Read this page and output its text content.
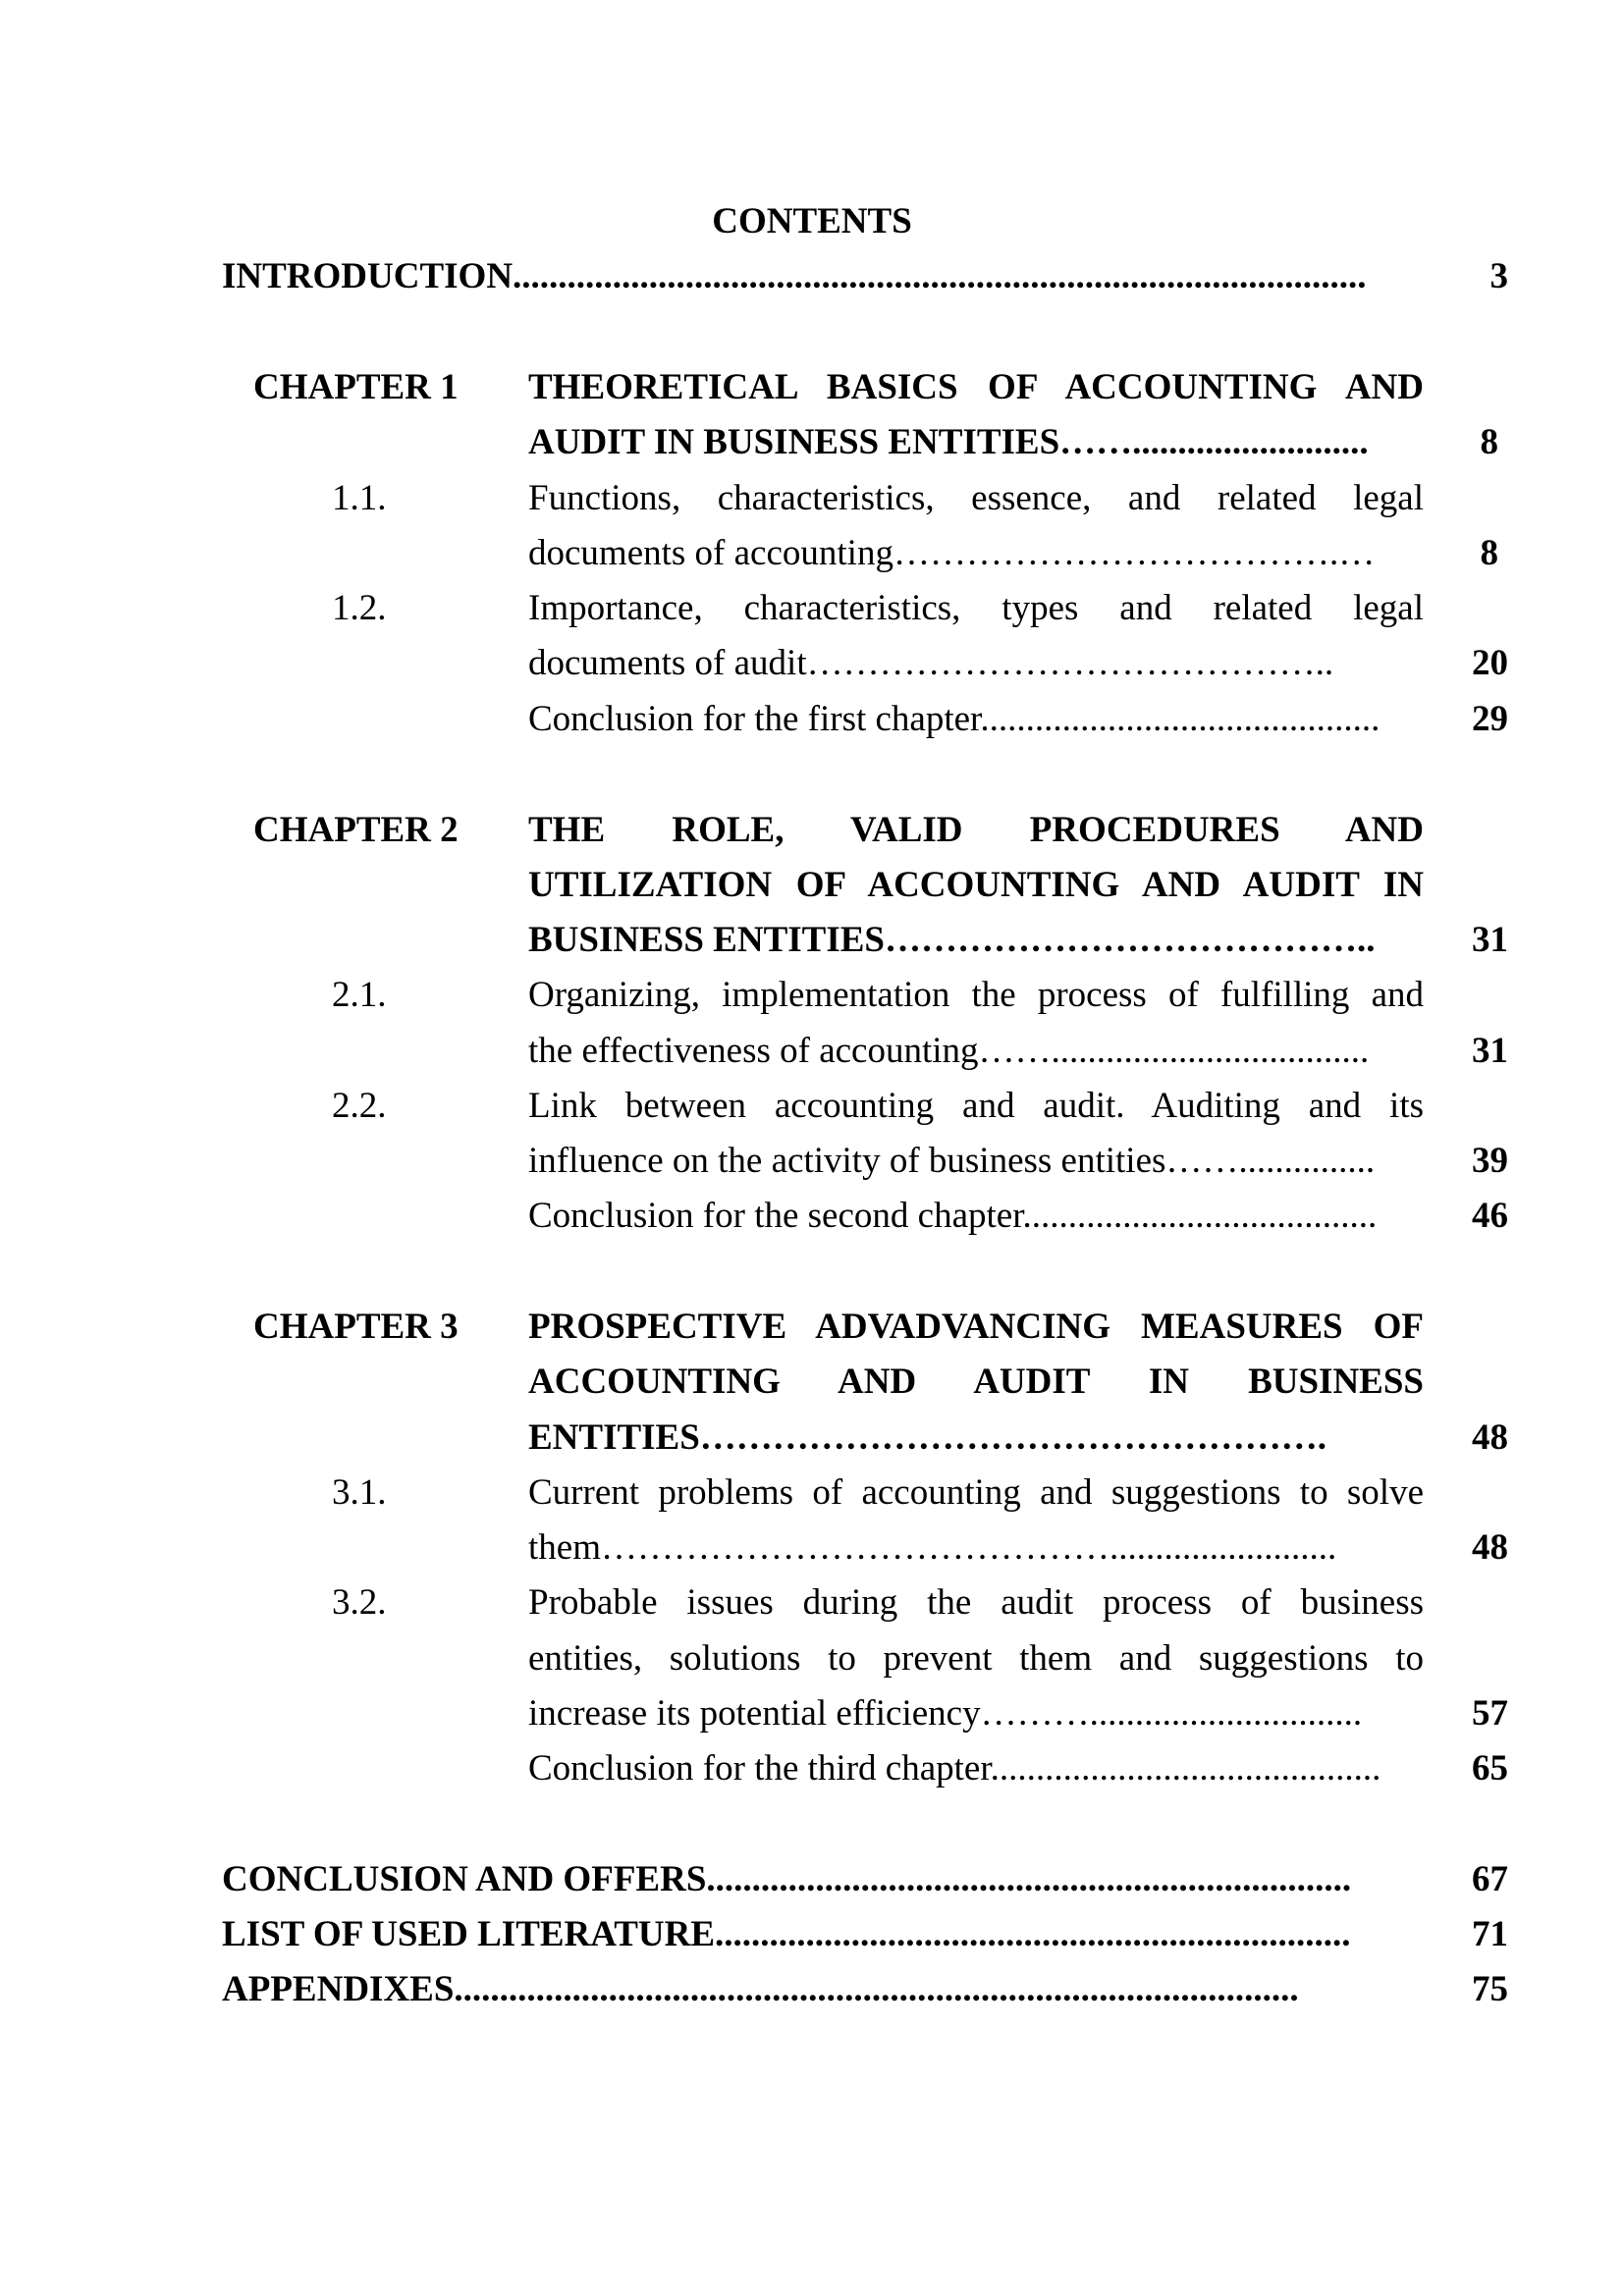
CONTENTS
INTRODUCTION..............................................................................................	3
CHAPTER 1 THEORETICAL BASICS OF ACCOUNTING AND
AUDIT IN BUSINESS ENTITIES……..........................	8
1.1.	Functions, characteristics, essence, and related legal
documents of accounting……………………………….…	8
1.2.	Importance, characteristics, types and related legal
documents of audit……………………………………..	20
Conclusion for the first chapter............................................	29
CHAPTER 2 THE ROLE, VALID PROCEDURES AND
UTILIZATION OF ACCOUNTING AND AUDIT IN
BUSINESS ENTITIES…………………………………..	31
2.1.	Organizing, implementation the process of fulfilling and
the effectiveness of accounting……...................................	31
2.2.	Link between accounting and audit. Auditing and its
influence on the activity of business entities……...............	39
Conclusion for the second chapter.......................................	46
CHAPTER 3 PROSPECTIVE ADVADVANCING MEASURES OF
ACCOUNTING AND AUDIT IN BUSINESS
ENTITIES…………………………………………….	48
3.1.	Current problems of accounting and suggestions to solve
them…………………………………….........................	48
3.2.	Probable issues during the audit process of business
entities, solutions to prevent them and suggestions to
increase its potential efficiency………..............................	57
Conclusion for the third chapter...........................................	65
CONCLUSION AND OFFERS.......................................................................	67
LIST OF USED LITERATURE......................................................................	71
APPENDIXES.............................................................................................	75
